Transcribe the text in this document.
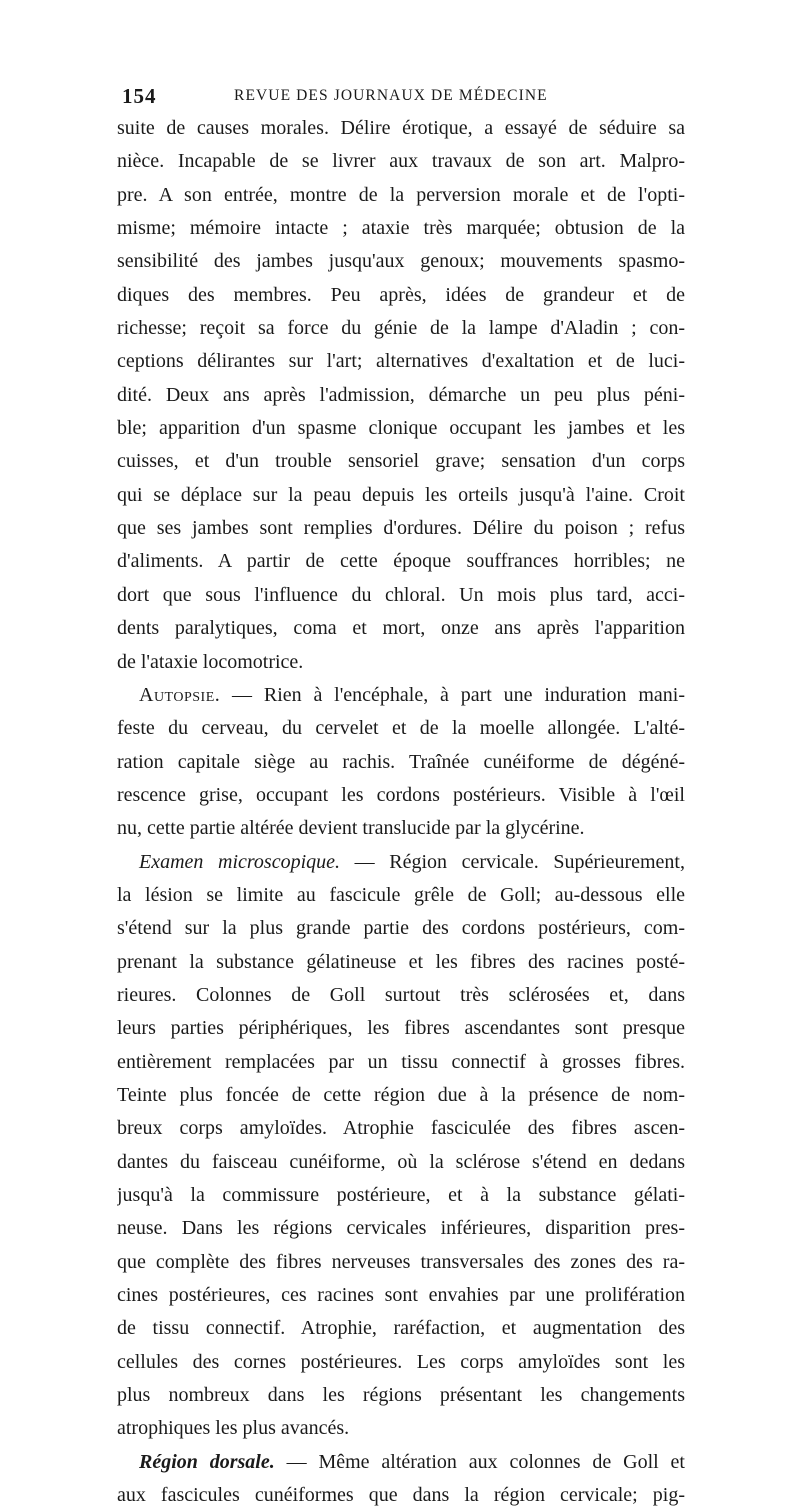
154	REVUE DES JOURNAUX DE MÉDECINE
suite de causes morales. Délire érotique, a essayé de séduire sa
nièce. Incapable de se livrer aux travaux de son art. Malpro-
pre. A son entrée, montre de la perversion morale et de l'opti-
misme; mémoire intacte ; ataxie très marquée; obtusion de la
sensibilité des jambes jusqu'aux genoux; mouvements spasmo-
diques des membres. Peu après, idées de grandeur et de
richesse; reçoit sa force du génie de la lampe d'Aladin ; con-
ceptions délirantes sur l'art; alternatives d'exaltation et de luci-
dité. Deux ans après l'admission, démarche un peu plus péni-
ble; apparition d'un spasme clonique occupant les jambes et les
cuisses, et d'un trouble sensoriel grave; sensation d'un corps
qui se déplace sur la peau depuis les orteils jusqu'à l'aine. Croit
que ses jambes sont remplies d'ordures. Délire du poison ; refus
d'aliments. A partir de cette époque souffrances horribles; ne
dort que sous l'influence du chloral. Un mois plus tard, acci-
dents paralytiques, coma et mort, onze ans après l'apparition
de l'ataxie locomotrice.
Autopsie. — Rien à l'encéphale, à part une induration mani-
feste du cerveau, du cervelet et de la moelle allongée. L'alté-
ration capitale siège au rachis. Traînée cunéiforme de dégéné-
rescence grise, occupant les cordons postérieurs. Visible à l'œil
nu, cette partie altérée devient translucide par la glycérine.
Examen microscopique. — Région cervicale. Supérieurement,
la lésion se limite au fascicule grêle de Goll; au-dessous elle
s'étend sur la plus grande partie des cordons postérieurs, com-
prenant la substance gélatineuse et les fibres des racines posté-
rieures. Colonnes de Goll surtout très sclérosées et, dans
leurs parties périphériques, les fibres ascendantes sont presque
entièrement remplacées par un tissu connectif à grosses fibres.
Teinte plus foncée de cette région due à la présence de nom-
breux corps amyloïdes. Atrophie fasciculée des fibres ascen-
dantes du faisceau cunéiforme, où la sclérose s'étend en dedans
jusqu'à la commissure postérieure, et à la substance gélati-
neuse. Dans les régions cervicales inférieures, disparition pres-
que complète des fibres nerveuses transversales des zones des ra-
cines postérieures, ces racines sont envahies par une prolifération
de tissu connectif. Atrophie, raréfaction, et augmentation des
cellules des cornes postérieures. Les corps amyloïdes sont les
plus nombreux dans les régions présentant les changements
atrophiques les plus avancés.
Région dorsale. — Même altération aux colonnes de Goll et
aux fascicules cunéiformes que dans la région cervicale; pig-
